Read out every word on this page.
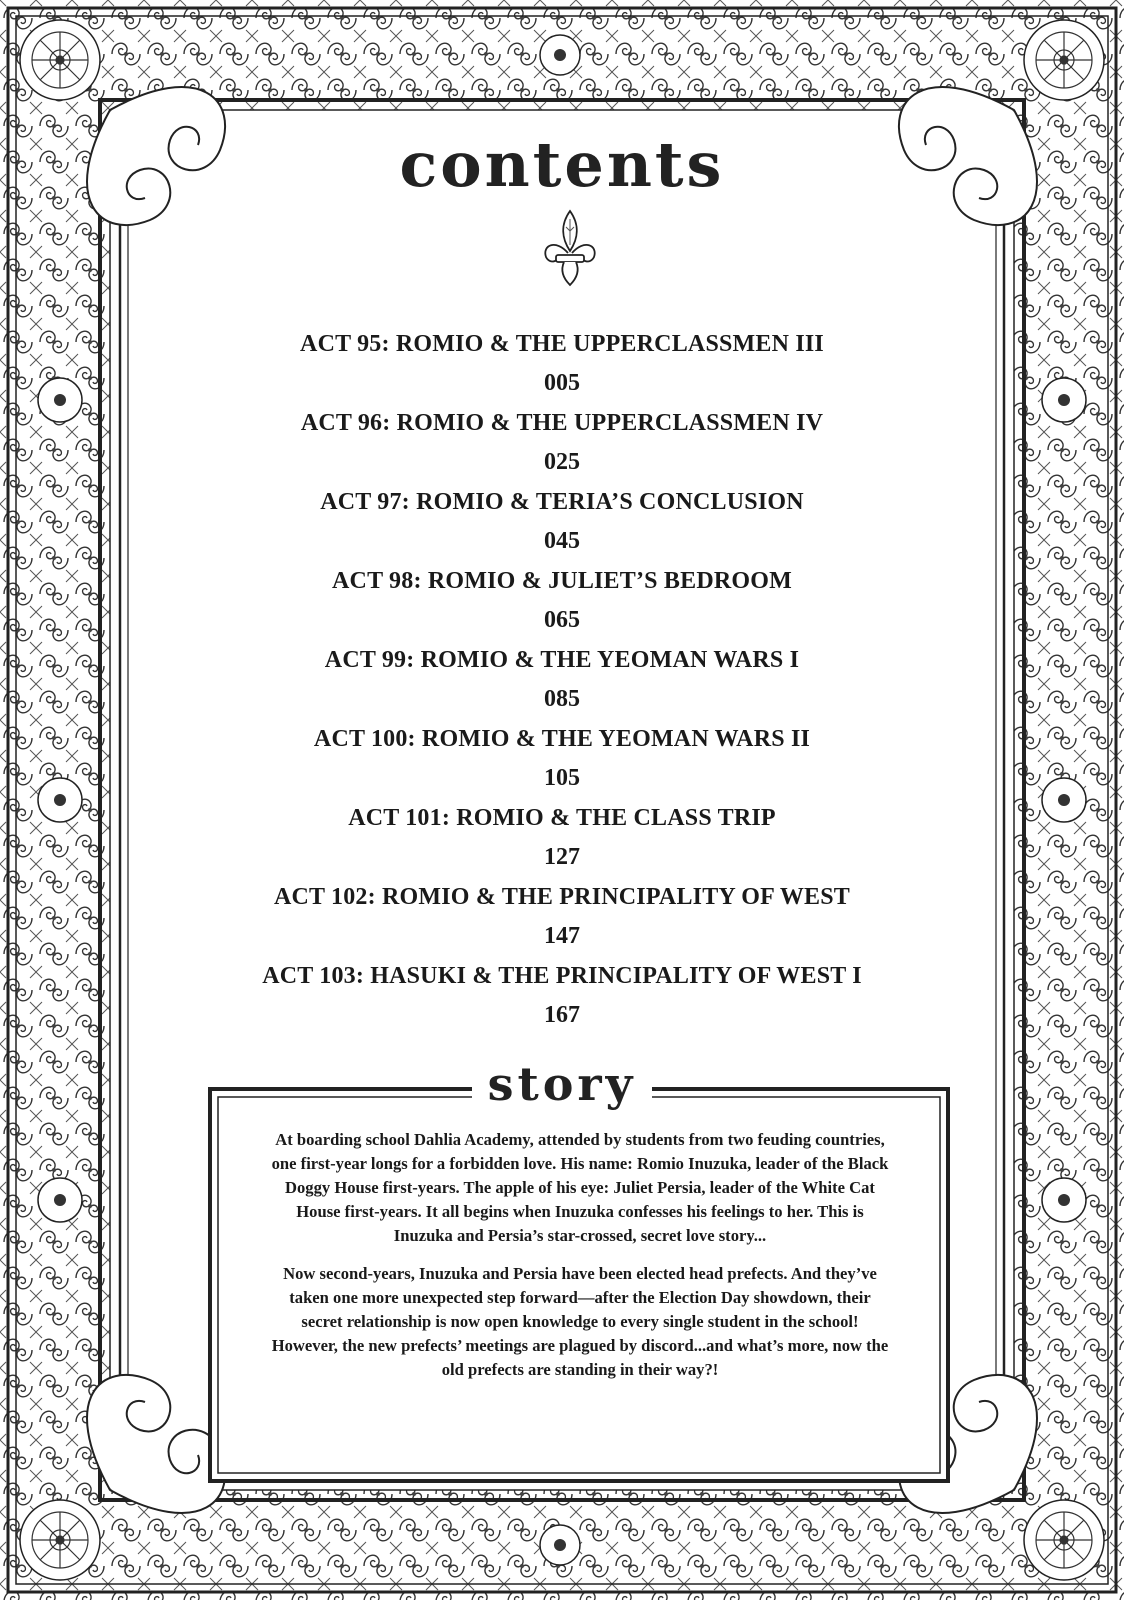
contents
ACT 95: ROMIO & THE UPPERCLASSMEN III
005
ACT 96: ROMIO & THE UPPERCLASSMEN IV
025
ACT 97: ROMIO & TERIA’S CONCLUSION
045
ACT 98: ROMIO & JULIET’S BEDROOM
065
ACT 99: ROMIO & THE YEOMAN WARS I
085
ACT 100: ROMIO & THE YEOMAN WARS II
105
ACT 101: ROMIO & THE CLASS TRIP
127
ACT 102: ROMIO & THE PRINCIPALITY OF WEST
147
ACT 103: HASUKI & THE PRINCIPALITY OF WEST I
167
story

At boarding school Dahlia Academy, attended by students from two feuding countries, one first-year longs for a forbidden love. His name: Romio Inuzuka, leader of the Black Doggy House first-years. The apple of his eye: Juliet Persia, leader of the White Cat House first-years. It all begins when Inuzuka confesses his feelings to her. This is Inuzuka and Persia’s star-crossed, secret love story...

Now second-years, Inuzuka and Persia have been elected head prefects. And they’ve taken one more unexpected step forward—after the Election Day showdown, their secret relationship is now open knowledge to every single student in the school! However, the new prefects’ meetings are plagued by discord...and what’s more, now the old prefects are standing in their way?!
